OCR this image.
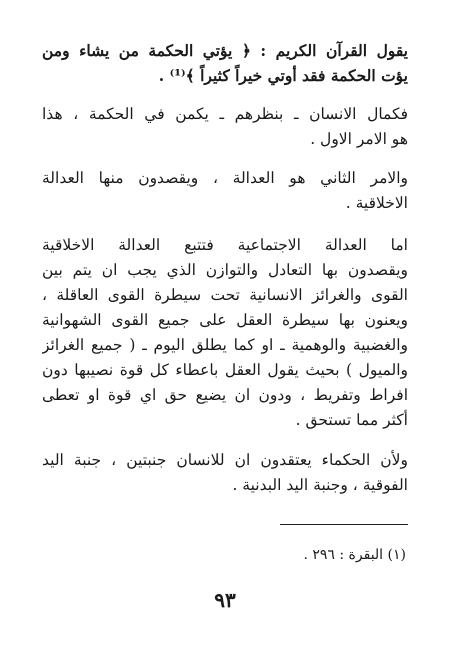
يقول القرآن الكريم : ﴿ يؤتي الحكمة من يشاء ومن
يؤت الحكمة فقد أوتي خيراً كثيراً ﴾⁽¹⁾ .

فكمال الانسان ـ بنظرهم ـ يكمن في الحكمة ، هذا
هو الامر الاول .

والامر الثاني هو العدالة ، ويقصدون منها العدالة
الاخلاقية .

اما العدالة الاجتماعية فتتبع العدالة الاخلاقية
ويقصدون بها التعادل والتوازن الذي يجب ان يتم بين
القوى والغرائز الانسانية تحت سيطرة القوى العاقلة ،
ويعنون بها سيطرة العقل على جميع القوى الشهوانية
والغضبية والوهمية ـ او كما يطلق اليوم ـ ( جميع الغرائز
والميول ) بحيث يقول العقل باعطاء كل قوة نصيبها دون
افراط وتفريط ، ودون ان يضيع حق اي قوة او تعطى
أكثر مما تستحق .

ولأن الحكماء يعتقدون ان للانسان جنبتين ، جنبة اليد
الفوقية ، وجنبة اليد البدنية .

(١) البقرة : ٢٩٦ .
٩٣
